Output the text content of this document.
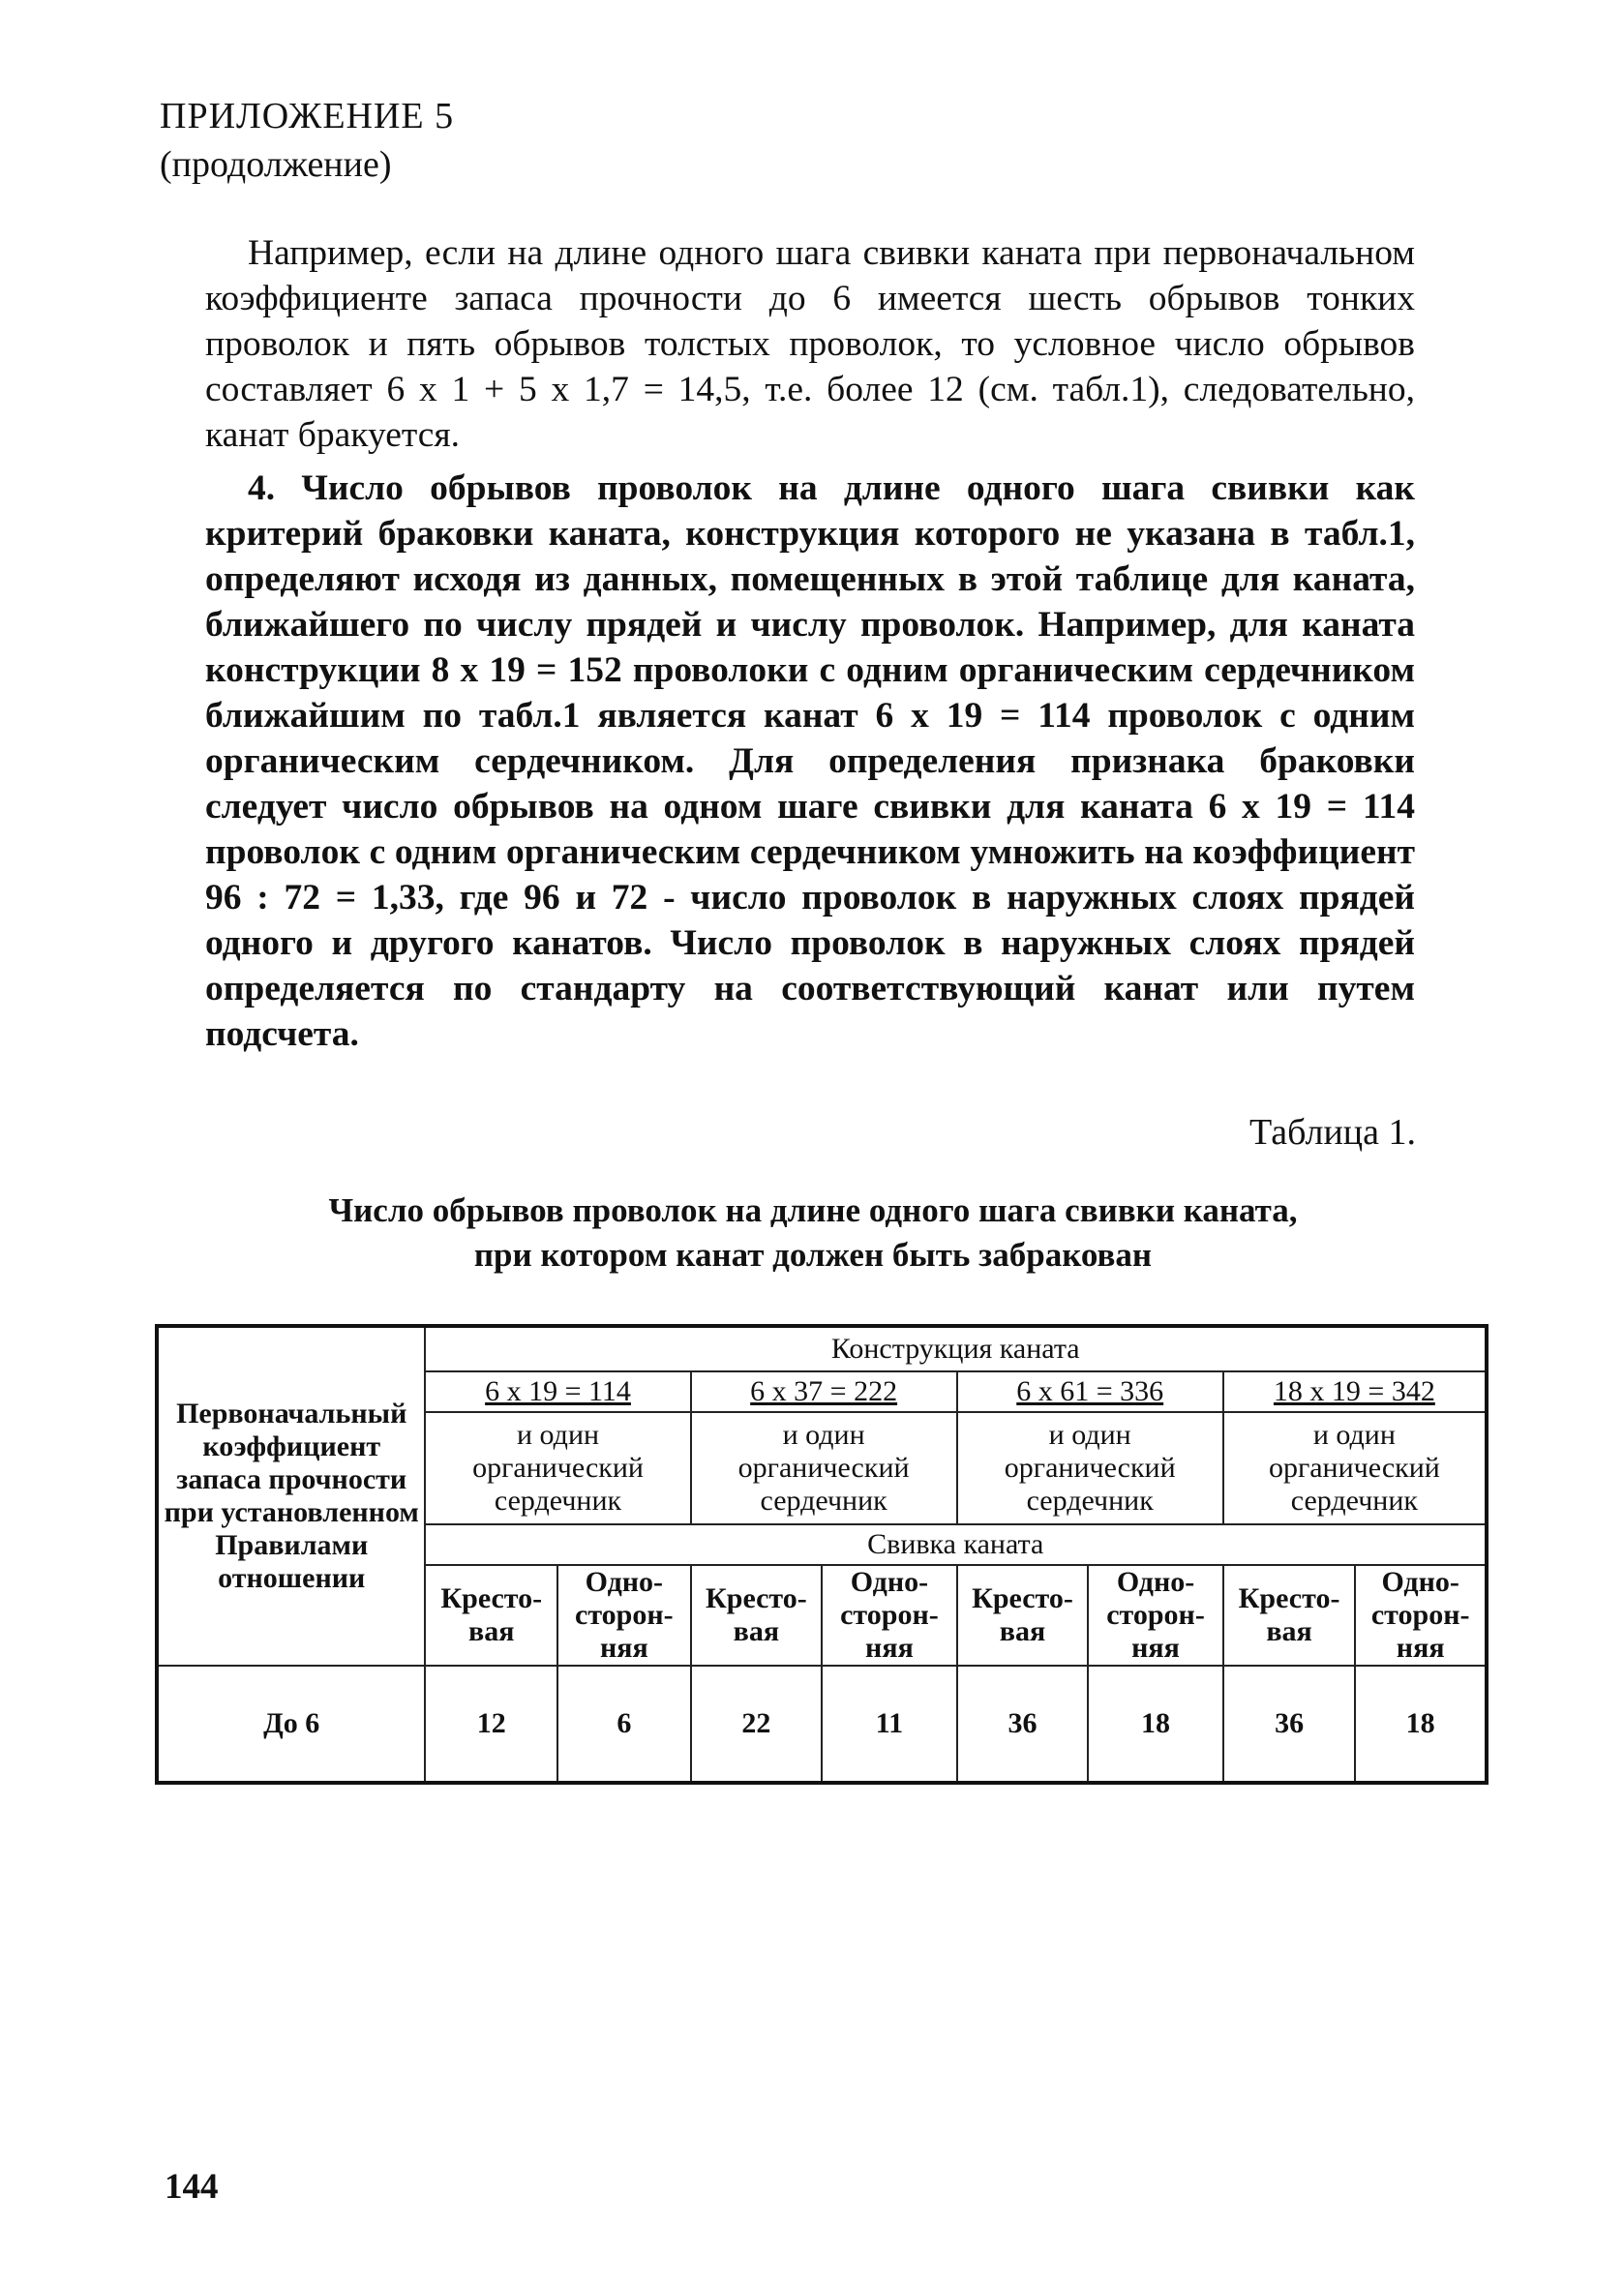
ПРИЛОЖЕНИЕ 5
(продолжение)

Например, если на длине одного шага свивки каната при первоначальном коэффициенте запаса прочности до 6 имеется шесть обрывов тонких проволок и пять обрывов толстых проволок, то условное число обрывов составляет 6 х 1 + 5 х 1,7 = 14,5, т.е. более 12 (см. табл.1), следовательно, канат бракуется.

4. Число обрывов проволок на длине одного шага свивки как критерий браковки каната, конструкция которого не указана в табл.1, определяют исходя из данных, помещенных в этой таблице для каната, ближайшего по числу прядей и числу проволок. Например, для каната конструкции 8 х 19 = 152 проволоки с одним органическим сердечником ближайшим по табл.1 является канат 6 х 19 = 114 проволок с одним органическим сердечником. Для определения признака браковки следует число обрывов на одном шаге свивки для каната 6 х 19 = 114 проволок с одним органическим сердечником умножить на коэффициент 96 : 72 = 1,33, где 96 и 72 - число проволок в наружных слоях прядей одного и другого канатов. Число проволок в наружных слоях прядей определяется по стандарту на соответствующий канат или путем подсчета.

Таблица 1.
Число обрывов проволок на длине одного шага свивки каната,
при котором канат должен быть забракован
Первоначальный коэффициент запаса прочности при установленном Правилами отношении	Конструкция каната							
	6 х 19 = 114		6 х 37 = 222		6 х 61 = 336		18 х 19 = 342	
	и один органический сердечник		и один органический сердечник		и один органический сердечник		и один органический сердечник	
	Свивка каната							
	Кресто-вая	Одно-сторон-няя	Кресто-вая	Одно-сторон-няя	Кресто-вая	Одно-сторон-няя	Кресто-вая	Одно-сторон-няя
До 6	12	6	22	11	36	18	36	18
144
